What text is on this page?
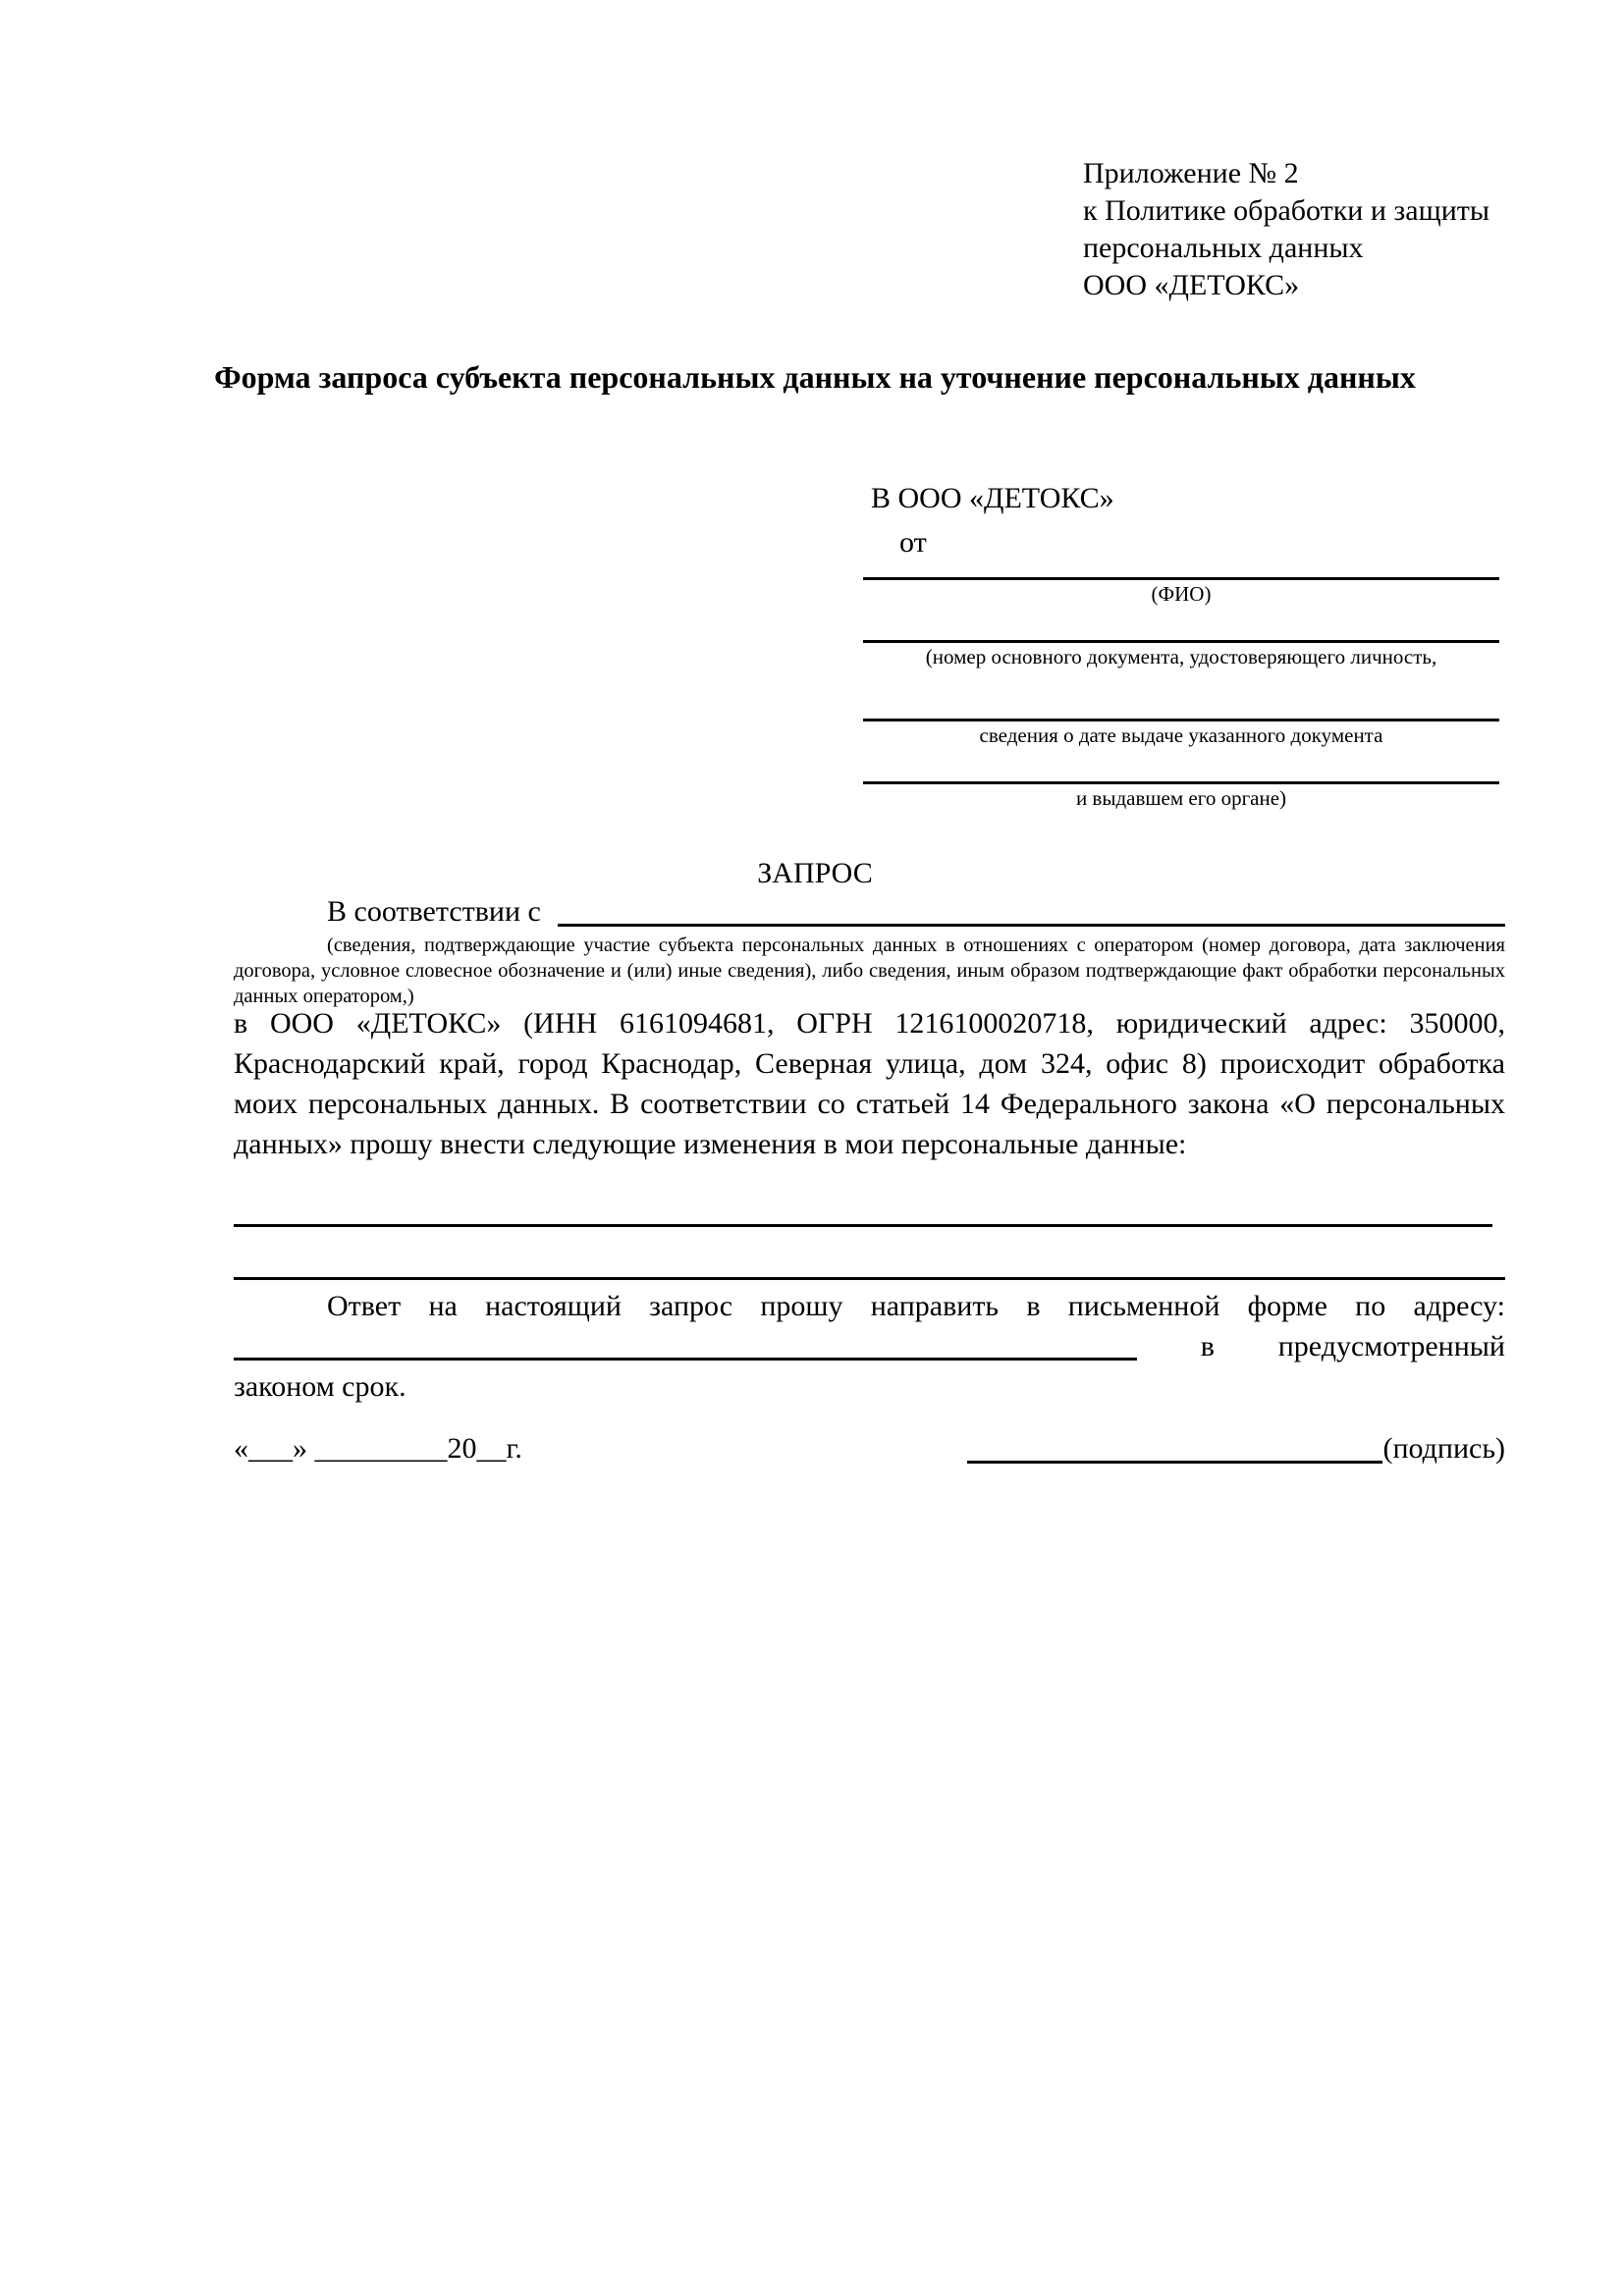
Приложение № 2
к Политике обработки и защиты
персональных данных
ООО «ДЕТОКС»
Форма запроса субъекта персональных данных на уточнение персональных данных
В ООО «ДЕТОКС»
от
(ФИО)
(номер основного документа, удостоверяющего личность,
сведения о дате выдаче указанного документа
и выдавшем его органе)
ЗАПРОС
В соответствии с
(сведения, подтверждающие участие субъекта персональных данных в отношениях с оператором (номер договора, дата заключения договора, условное словесное обозначение и (или) иные сведения), либо сведения, иным образом подтверждающие факт обработки персональных данных оператором,)

в ООО «ДЕТОКС» (ИНН 6161094681, ОГРН 1216100020718, юридический адрес: 350000, Краснодарский край, город Краснодар, Северная улица, дом 324, офис 8) происходит обработка моих персональных данных. В соответствии со статьей 14 Федерального закона «О персональных данных» прошу внести следующие изменения в мои персональные данные:

Ответ на настоящий запрос прошу направить в письменной форме по адресу:
в предусмотренный
законом срок.
«___» _________20__г.	(подпись)
